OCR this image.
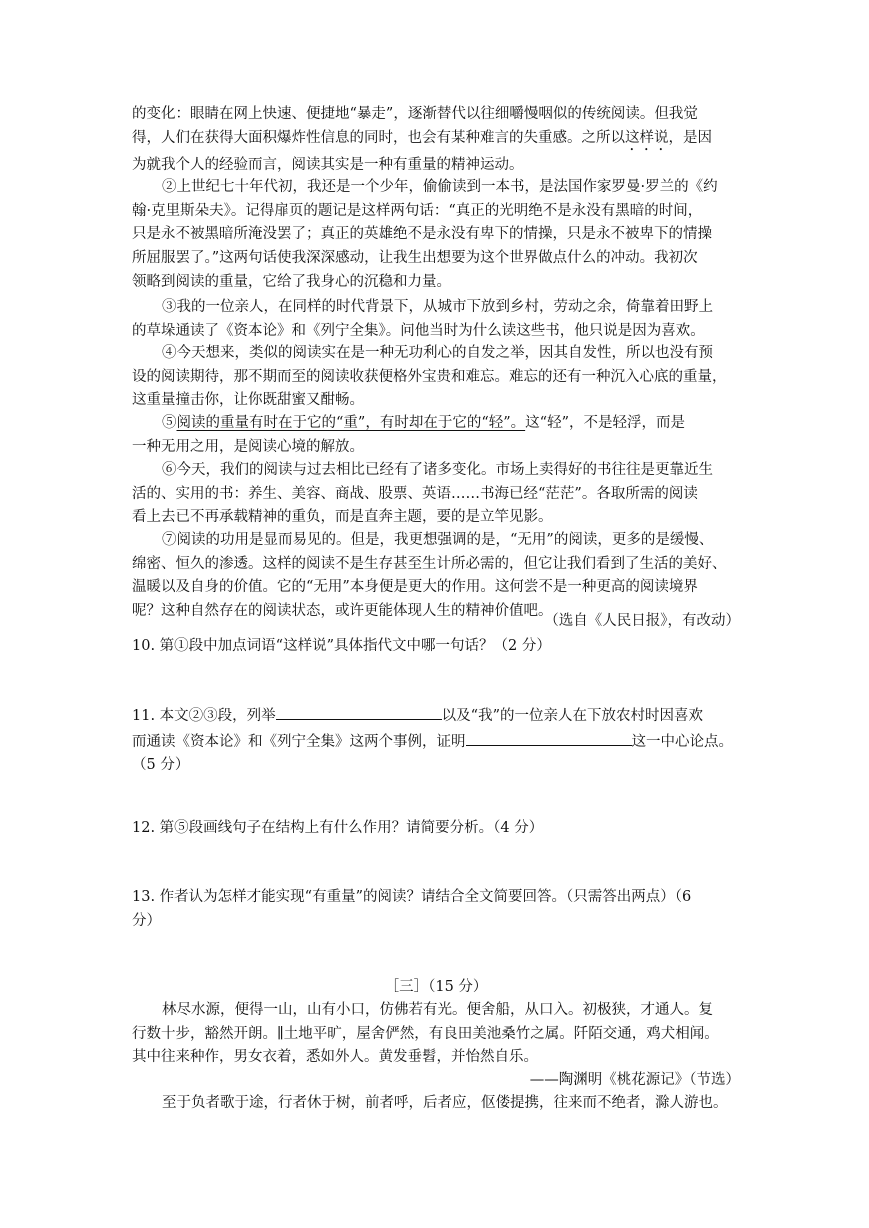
的变化：眼睛在网上快速、便捷地“暴走”，逐渐替代以往细嚼慢咽似的传统阅读。但我觉
得，人们在获得大面积爆炸性信息的同时，也会有某种难言的失重感。之所以这样说，是因
为就我个人的经验而言，阅读其实是一种有重量的精神运动。
②上世纪七十年代初，我还是一个少年，偷偷读到一本书，是法国作家罗曼·罗兰的《约
翰·克里斯朵夫》。记得扉页的题记是这样两句话：“真正的光明绝不是永没有黑暗的时间，
只是永不被黑暗所淹没罢了；真正的英雄绝不是永没有卑下的情操，只是永不被卑下的情操
所屈服罢了。”这两句话使我深深感动，让我生出想要为这个世界做点什么的冲动。我初次
领略到阅读的重量，它给了我身心的沉稳和力量。
③我的一位亲人，在同样的时代背景下，从城市下放到乡村，劳动之余，倚靠着田野上
的草垛通读了《资本论》和《列宁全集》。问他当时为什么读这些书，他只说是因为喜欢。
④今天想来，类似的阅读实在是一种无功利心的自发之举，因其自发性，所以也没有预
设的阅读期待，那不期而至的阅读收获便格外宝贵和难忘。难忘的还有一种沉入心底的重量，
这重量撞击你，让你既甜蜜又酣畅。
⑤阅读的重量有时在于它的“重”，有时却在于它的“轻”。这“轻”，不是轻浮，而是
一种无用之用，是阅读心境的解放。
⑥今天，我们的阅读与过去相比已经有了诸多变化。市场上卖得好的书往往是更靠近生
活的、实用的书：养生、美容、商战、股票、英语……书海已经“茫茫”。各取所需的阅读
看上去已不再承载精神的重负，而是直奔主题，要的是立竿见影。
⑦阅读的功用是显而易见的。但是，我更想强调的是，“无用”的阅读，更多的是缓慢、
绵密、恒久的渗透。这样的阅读不是生存甚至生计所必需的，但它让我们看到了生活的美好、
温暖以及自身的价值。它的“无用”本身便是更大的作用。这何尝不是一种更高的阅读境界
呢？这种自然存在的阅读状态，或许更能体现人生的精神价值吧。
（选自《人民日报》，有改动）
10. 第①段中加点词语“这样说”具体指代文中哪一句话？（2 分）
11. 本文②③段，列举	以及“我”的一位亲人在下放农村时因喜欢
而通读《资本论》和《列宁全集》这两个事例，证明	这一中心论点。
（5 分）
12. 第⑤段画线句子在结构上有什么作用？请简要分析。（4 分）
13. 作者认为怎样才能实现“有重量”的阅读？请结合全文简要回答。（只需答出两点）（6
分）
［三］（15 分）
林尽水源，便得一山，山有小口，仿佛若有光。便舍船，从口入。初极狭，才通人。复
行数十步，豁然开朗。∥土地平旷，屋舍俨然，有良田美池桑竹之属。阡陌交通，鸡犬相闻。
其中往来种作，男女衣着，悉如外人。黄发垂髫，并怡然自乐。
——陶渊明《桃花源记》（节选）
至于负者歌于途，行者休于树，前者呼，后者应，伛偻提携，往来而不绝者，滁人游也。
